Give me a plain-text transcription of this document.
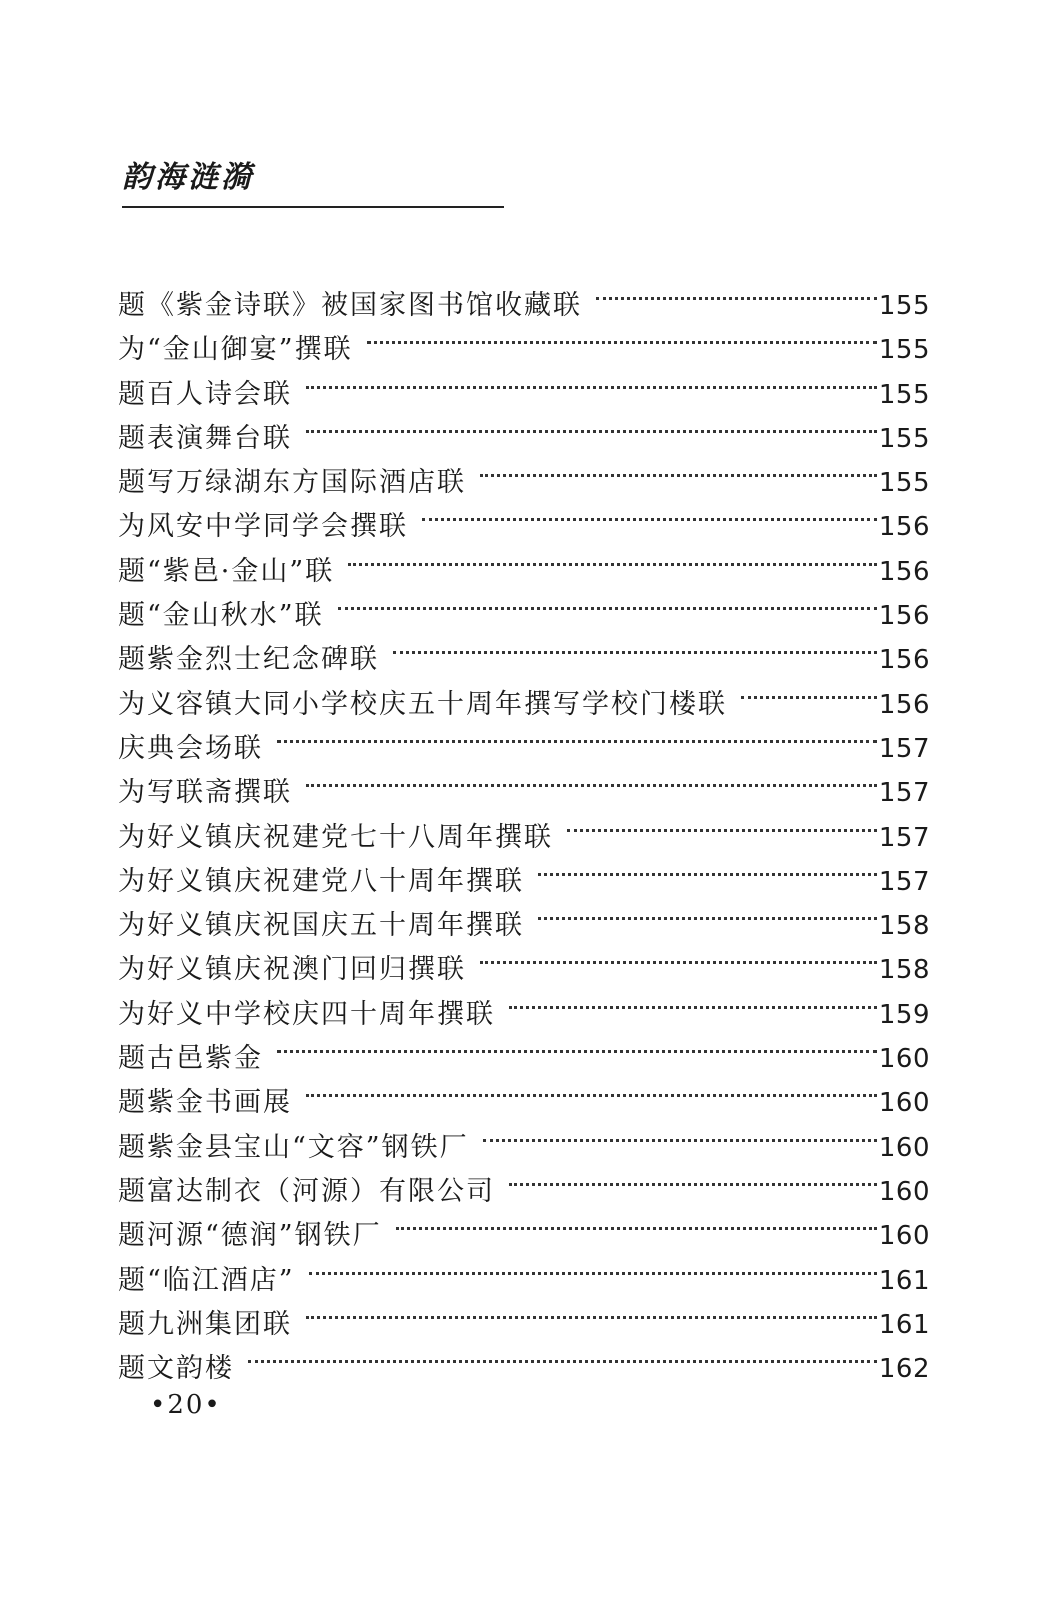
韵海涟漪
题《紫金诗联》被国家图书馆收藏联	155
为“金山御宴”撰联	155
题百人诗会联	155
题表演舞台联	155
题写万绿湖东方国际酒店联	155
为风安中学同学会撰联	156
题“紫邑·金山”联	156
题“金山秋水”联	156
题紫金烈士纪念碑联	156
为义容镇大同小学校庆五十周年撰写学校门楼联	156
庆典会场联	157
为写联斋撰联	157
为好义镇庆祝建党七十八周年撰联	157
为好义镇庆祝建党八十周年撰联	157
为好义镇庆祝国庆五十周年撰联	158
为好义镇庆祝澳门回归撰联	158
为好义中学校庆四十周年撰联	159
题古邑紫金	160
题紫金书画展	160
题紫金县宝山“文容”钢铁厂	160
题富达制衣（河源）有限公司	160
题河源“德润”钢铁厂	160
题“临江酒店”	161
题九洲集团联	161
题文韵楼	162
•20•
